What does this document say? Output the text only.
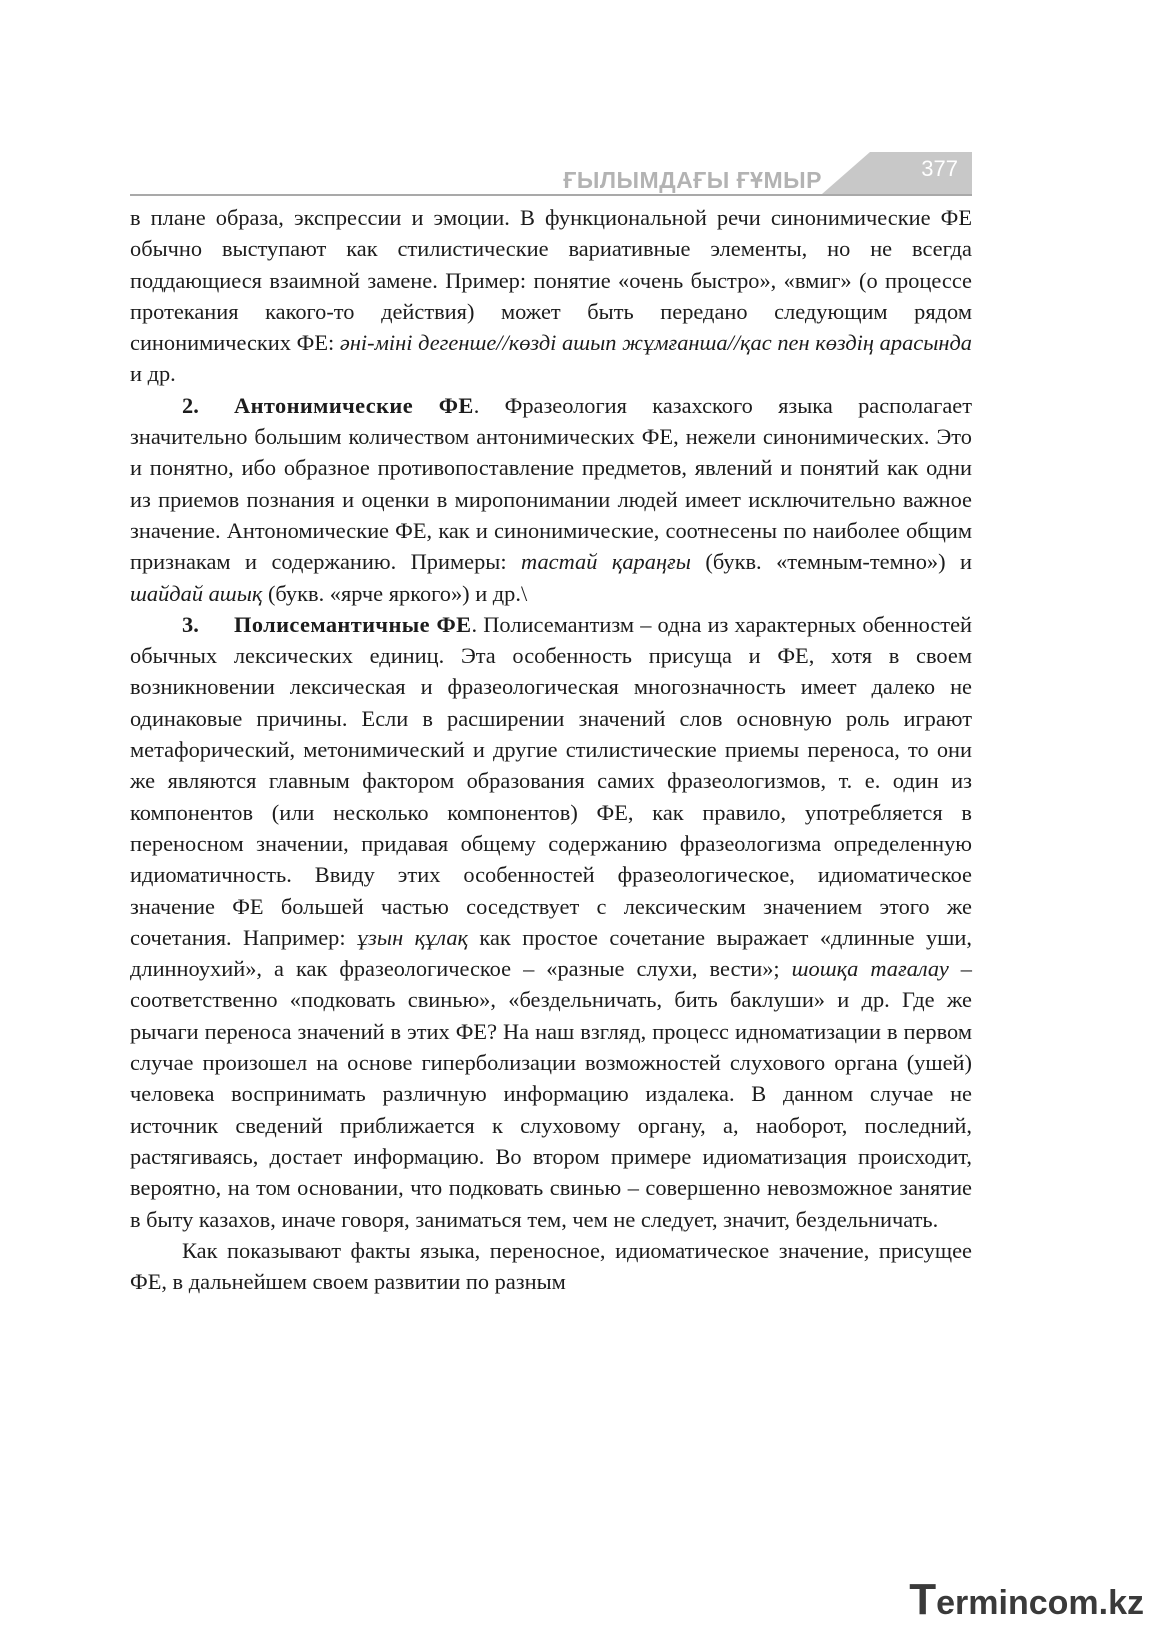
ҒЫЛЫМДАҒЫ ҒҰМЫР	377

в плане образа, экспрессии и эмоции. В функциональной речи синонимические ФЕ обычно выступают как стилистические вариативные элементы, но не всегда поддающиеся взаимной замене. Пример: понятие «очень быстро», «вмиг» (о процессе протекания какого-то действия) может быть передано следующим рядом синонимических ФЕ: әні-міні дегенше//көзді ашып жұмғанша//қас пен көздің арасында и др.

2. Антонимические ФЕ. Фразеология казахского языка располагает значительно большим количеством антонимических ФЕ, нежели синонимических. Это и понятно, ибо образное противопоставление предметов, явлений и понятий как одни из приемов познания и оценки в миропонимании людей имеет исключительно важное значение. Антономические ФЕ, как и синонимические, соотнесены по наиболее общим признакам и содержанию. Примеры: тастай қараңғы (букв. «темным-темно») и шайдай ашық (букв. «ярче яркого») и др.\

3. Полисемантичные ФЕ. Полисемантизм – одна из характерных обенностей обычных лексических единиц. Эта особенность присуща и ФЕ, хотя в своем возникновении лексическая и фразеологическая многозначность имеет далеко не одинаковые причины. Если в расширении значений слов основную роль играют метафорический, метонимический и другие стилистические приемы переноса, то они же являются главным фактором образования самих фразеологизмов, т. е. один из компонентов (или несколько компонентов) ФЕ, как правило, употребляется в переносном значении, придавая общему содержанию фразеологизма определенную идиоматичность. Ввиду этих особенностей фразеологическое, идиоматическое значение ФЕ большей частью соседствует с лексическим значением этого же сочетания. Например: ұзын құлақ как простое сочетание выражает «длинные уши, длинноухий», а как фразеологическое – «разные слухи, вести»; шошқа тағалау – соответственно «подковать свинью», «бездельничать, бить баклуши» и др. Где же рычаги переноса значений в этих ФЕ? На наш взгляд, процесс идноматизации в первом случае произошел на основе гиперболизации возможностей слухового органа (ушей) человека воспринимать различную информацию издалека. В данном случае не источник сведений приближается к слуховому органу, а, наоборот, последний, растягиваясь, достает информацию. Во втором примере идиоматизация происходит, вероятно, на том основании, что подковать свинью – совершенно невозможное занятие в быту казахов, иначе говоря, заниматься тем, чем не следует, значит, бездельничать.

Как показывают факты языка, переносное, идиоматическое значение, присущее ФЕ, в дальнейшем своем развитии по разным

Termincom.kz
